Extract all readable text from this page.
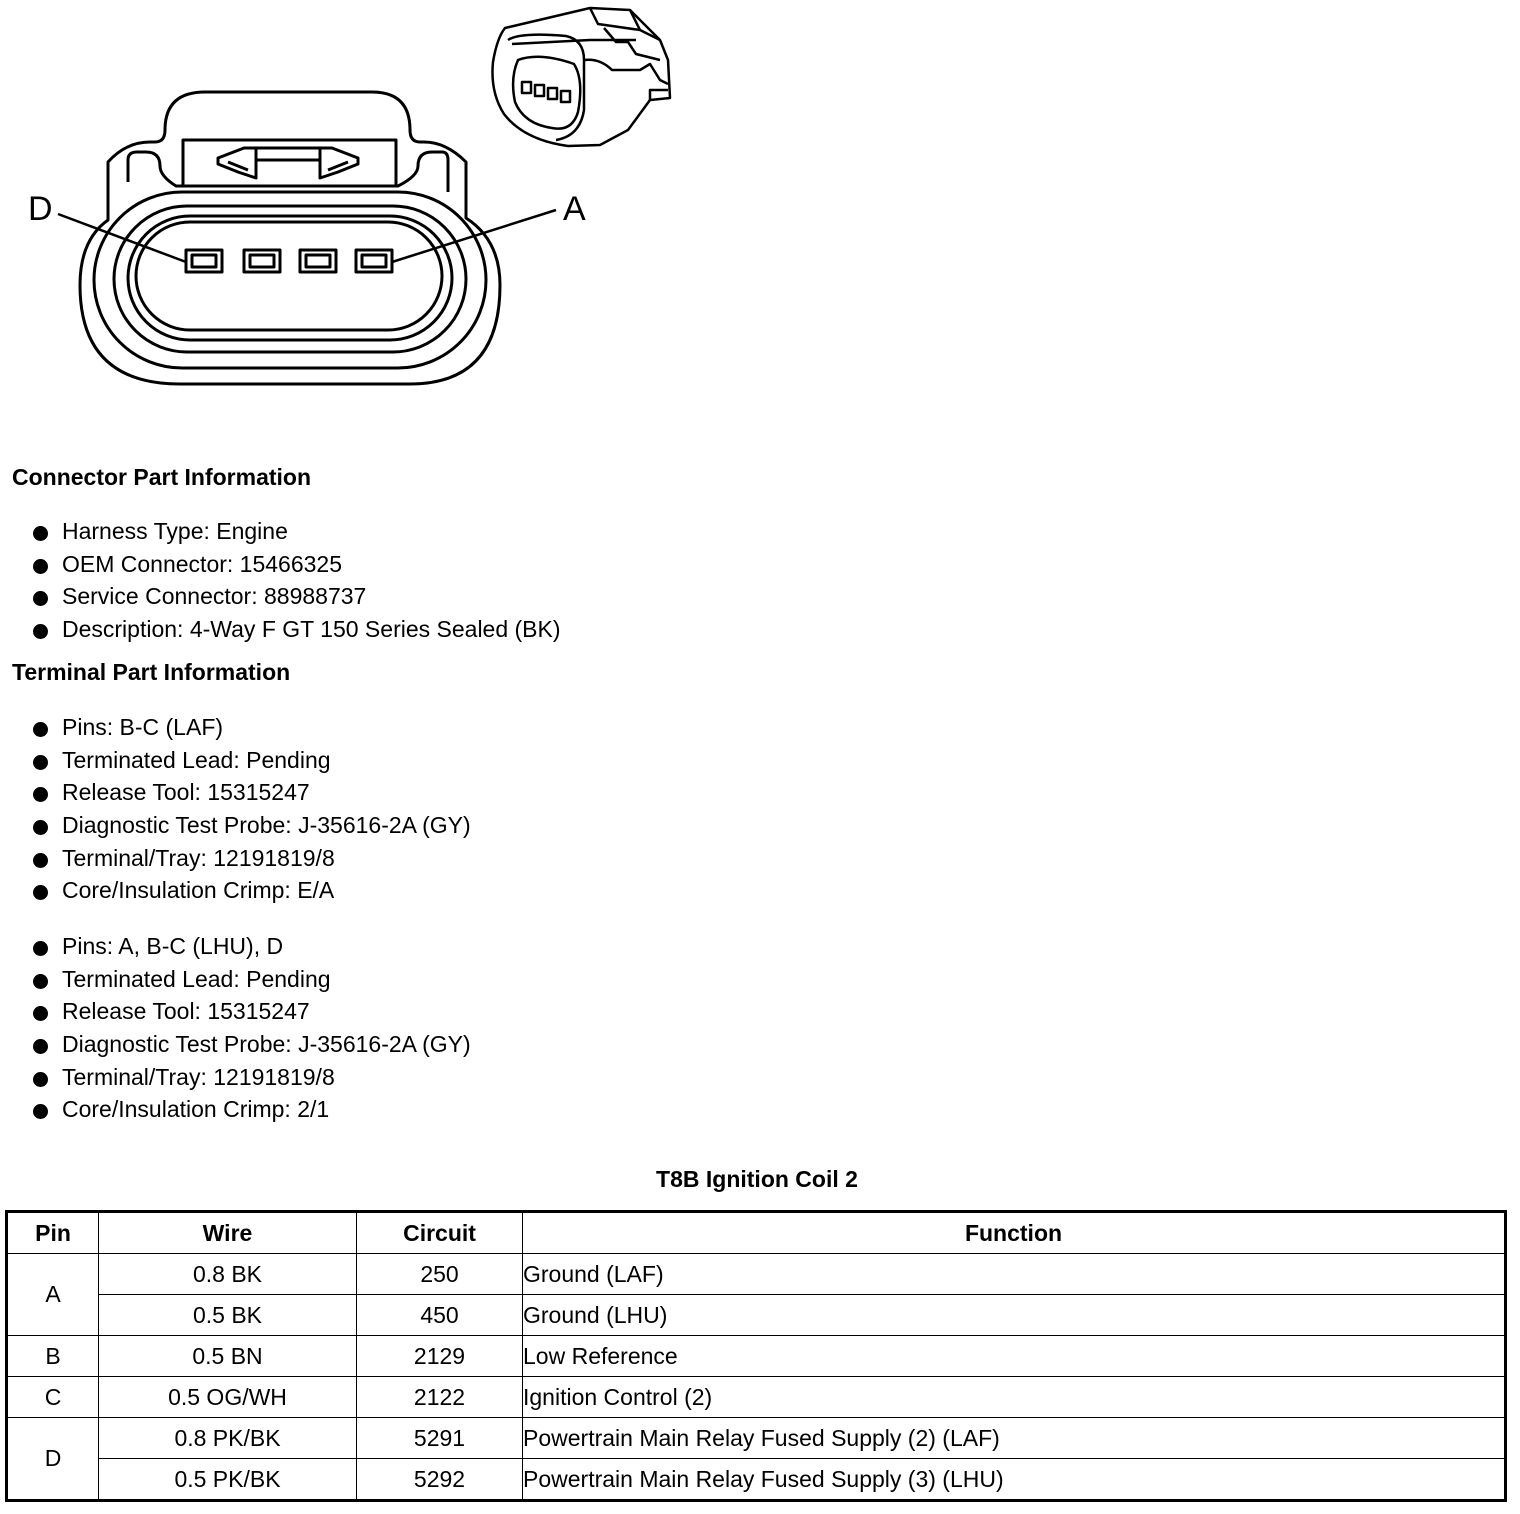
D	A
Connector Part Information
Harness Type: Engine
OEM Connector: 15466325
Service Connector: 88988737
Description: 4-Way F GT 150 Series Sealed (BK)
Terminal Part Information
Pins: B-C (LAF)
Terminated Lead: Pending
Release Tool: 15315247
Diagnostic Test Probe: J-35616-2A (GY)
Terminal/Tray: 12191819/8
Core/Insulation Crimp: E/A
Pins: A, B-C (LHU), D
Terminated Lead: Pending
Release Tool: 15315247
Diagnostic Test Probe: J-35616-2A (GY)
Terminal/Tray: 12191819/8
Core/Insulation Crimp: 2/1
T8B Ignition Coil 2
Pin	Wire	Circuit	Function
A	0.8 BK	250	Ground (LAF)
	0.5 BK	450	Ground (LHU)
B	0.5 BN	2129	Low Reference
C	0.5 OG/WH	2122	Ignition Control (2)
D	0.8 PK/BK	5291	Powertrain Main Relay Fused Supply (2) (LAF)
	0.5 PK/BK	5292	Powertrain Main Relay Fused Supply (3) (LHU)
